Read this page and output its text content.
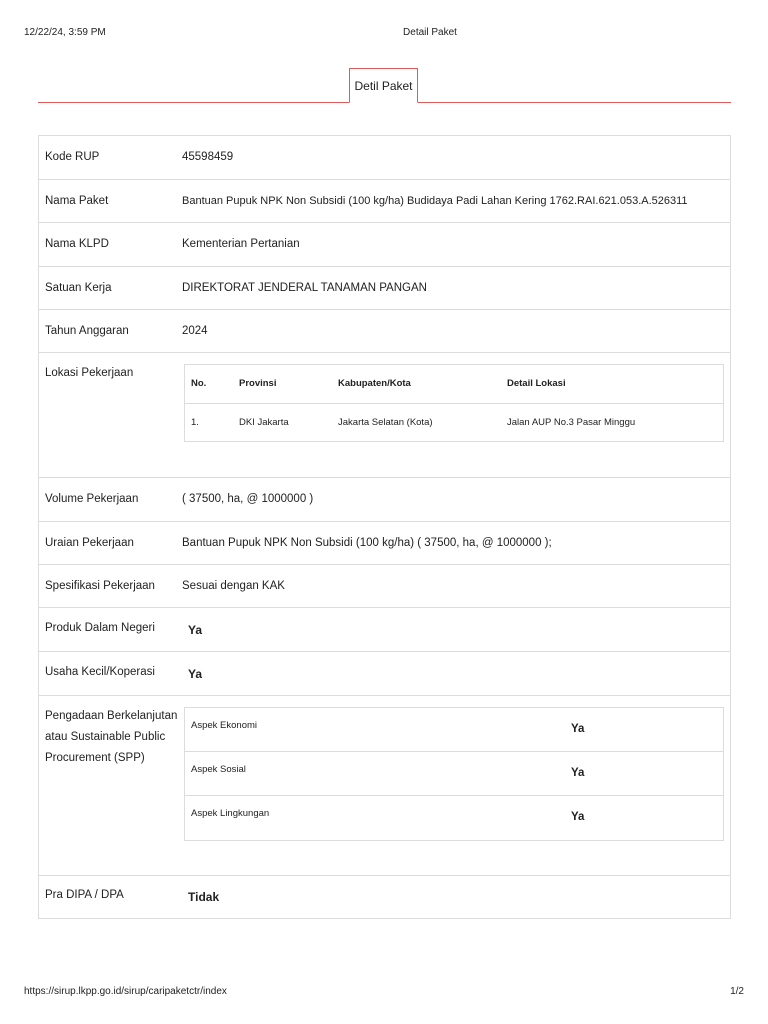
12/22/24, 3:59 PM	Detail Paket
Detil Paket
Kode RUP	45598459
Nama Paket	Bantuan Pupuk NPK Non Subsidi (100 kg/ha) Budidaya Padi Lahan Kering 1762.RAI.621.053.A.526311
Nama KLPD	Kementerian Pertanian
Satuan Kerja	DIREKTORAT JENDERAL TANAMAN PANGAN
Tahun Anggaran	2024
Lokasi Pekerjaan
No.	Provinsi	Kabupaten/Kota	Detail Lokasi
1.	DKI Jakarta	Jakarta Selatan (Kota)	Jalan AUP No.3 Pasar Minggu
Volume Pekerjaan	( 37500, ha, @ 1000000 )
Uraian Pekerjaan	Bantuan Pupuk NPK Non Subsidi (100 kg/ha) ( 37500, ha, @ 1000000 );
Spesifikasi Pekerjaan	Sesuai dengan KAK
Produk Dalam Negeri	Ya
Usaha Kecil/Koperasi	Ya
Pengadaan Berkelanjutan atau Sustainable Public Procurement (SPP)
Aspek Ekonomi	Ya
Aspek Sosial	Ya
Aspek Lingkungan	Ya
Pra DIPA / DPA	Tidak
https://sirup.lkpp.go.id/sirup/caripaketctr/index	1/2
